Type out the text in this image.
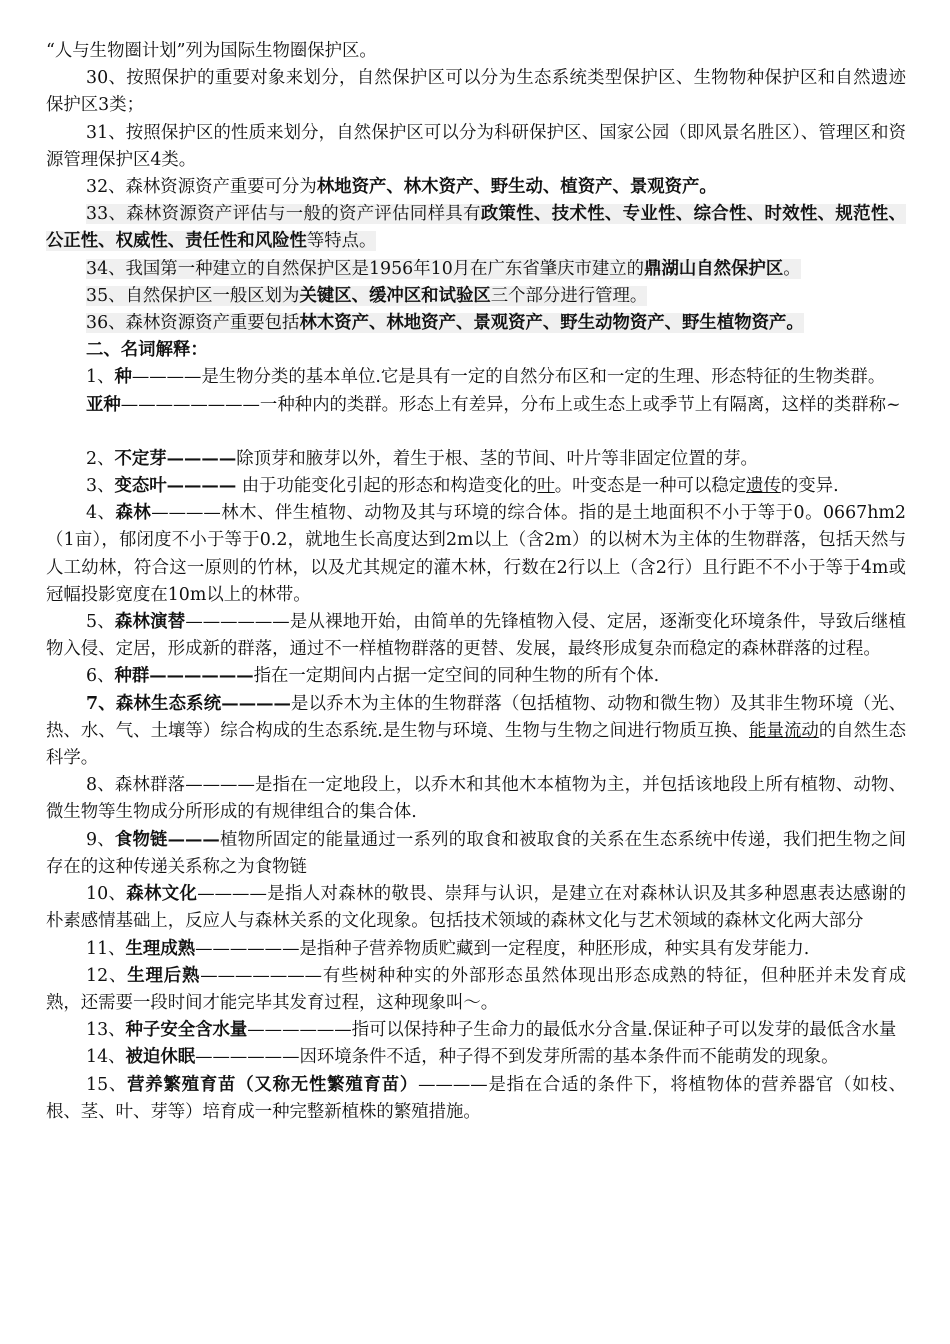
“人与生物圈计划”列为国际生物圈保护区。

30、按照保护的重要对象来划分，自然保护区可以分为生态系统类型保护区、生物物种保护区和自然遗迹保护区3类；

31、按照保护区的性质来划分，自然保护区可以分为科研保护区、国家公园（即风景名胜区）、管理区和资源管理保护区4类。

32、森林资源资产重要可分为林地资产、林木资产、野生动、植资产、景观资产。

33、森林资源资产评估与一般的资产评估同样具有政策性、技术性、专业性、综合性、时效性、规范性、公正性、权威性、责任性和风险性等特点。

34、我国第一种建立的自然保护区是1956年10月在广东省肇庆市建立的鼎湖山自然保护区。

35、自然保护区一般区划为关键区、缓冲区和试验区三个部分进行管理。

36、森林资源资产重要包括林木资产、林地资产、景观资产、野生动物资产、野生植物资产。

二、名词解释：

1、种————是生物分类的基本单位.它是具有一定的自然分布区和一定的生理、形态特征的生物类群。

亚种————————一种种内的类群。形态上有差异，分布上或生态上或季节上有隔离，这样的类群称~

2、不定芽————除顶芽和腋芽以外，着生于根、茎的节间、叶片等非固定位置的芽。

3、变态叶———— 由于功能变化引起的形态和构造变化的叶。叶变态是一种可以稳定遗传的变异.

4、森林————林木、伴生植物、动物及其与环境的综合体。指的是土地面积不小于等于0。0667hm2（1亩），郁闭度不小于等于0.2，就地生长高度达到2m以上（含2m）的以树木为主体的生物群落，包括天然与人工幼林，符合这一原则的竹林，以及尤其规定的灌木林，行数在2行以上（含2行）且行距不不小于等于4m或冠幅投影宽度在10m以上的林带。

5、森林演替——————是从裸地开始，由简单的先锋植物入侵、定居，逐渐变化环境条件，导致后继植物入侵、定居，形成新的群落，通过不一样植物群落的更替、发展，最终形成复杂而稳定的森林群落的过程。

6、种群——————指在一定期间内占据一定空间的同种生物的所有个体.

7、森林生态系统————是以乔木为主体的生物群落（包括植物、动物和微生物）及其非生物环境（光、热、水、气、土壤等）综合构成的生态系统.是生物与环境、生物与生物之间进行物质互换、能量流动的自然生态科学。

8、森林群落————是指在一定地段上，以乔木和其他木本植物为主，并包括该地段上所有植物、动物、微生物等生物成分所形成的有规律组合的集合体.

9、食物链———植物所固定的能量通过一系列的取食和被取食的关系在生态系统中传递，我们把生物之间存在的这种传递关系称之为食物链

10、森林文化————是指人对森林的敬畏、崇拜与认识，是建立在对森林认识及其多种恩惠表达感谢的朴素感情基础上，反应人与森林关系的文化现象。包括技术领域的森林文化与艺术领域的森林文化两大部分

11、生理成熟——————是指种子营养物质贮藏到一定程度，种胚形成，种实具有发芽能力.

12、生理后熟———————有些树种种实的外部形态虽然体现出形态成熟的特征，但种胚并未发育成熟，还需要一段时间才能完毕其发育过程，这种现象叫～。

13、种子安全含水量——————指可以保持种子生命力的最低水分含量.保证种子可以发芽的最低含水量

14、被迫休眠——————因环境条件不适，种子得不到发芽所需的基本条件而不能萌发的现象。

15、营养繁殖育苗（又称无性繁殖育苗）————是指在合适的条件下，将植物体的营养器官（如枝、根、茎、叶、芽等）培育成一种完整新植株的繁殖措施。
